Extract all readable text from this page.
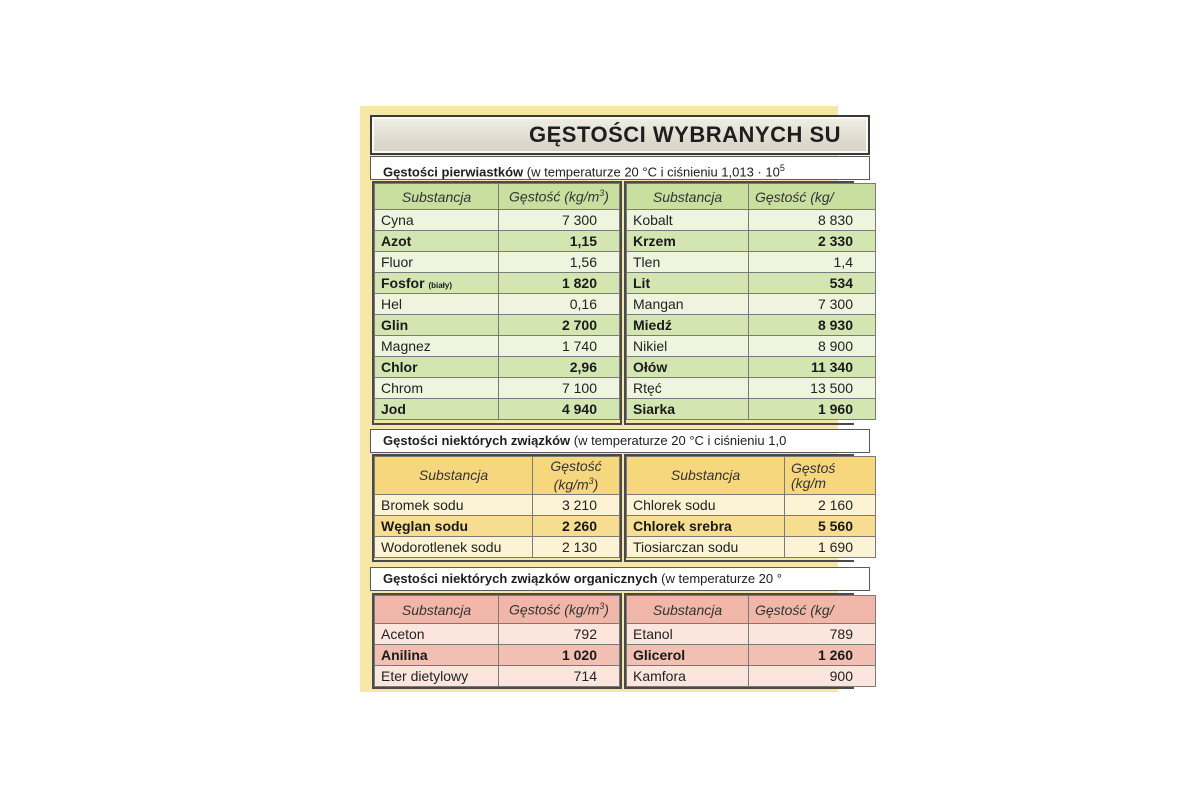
GĘSTOŚCI WYBRANYCH SU
Gęstości pierwiastków (w temperaturze 20 °C i ciśnieniu $1,013 \cdot 10^5$
Substancja	Gęstość $(kg/m^3)$
Cyna	7 300
Azot	1,15
Fluor	1,56
Fosfor (biały)	1 820
Hel	0,16
Glin	2 700
Magnez	1 740
Chlor	2,96
Chrom	7 100
Jod	4 940
Substancja	Gęstość (kg/
Kobalt	8 830
Krzem	2 330
Tlen	1,4
Lit	534
Mangan	7 300
Miedź	8 930
Nikiel	8 900
Ołów	11 340
Rtęć	13 500
Siarka	1 960
Gęstości niektórych związków (w temperaturze 20 °C i ciśnieniu 1,0
Substancja	Gęstość
$(kg/m^3)$
Bromek sodu	3 210
Węglan sodu	2 260
Wodorotlenek sodu	2 130
Substancja	Gęstoś
(kg/m
Chlorek sodu	2 160
Chlorek srebra	5 560
Tiosiarczan sodu	1 690
Gęstości niektórych związków organicznych (w temperaturze 20 °
Substancja	Gęstość $(kg/m^3)$
Aceton	792
Anilina	1 020
Eter dietylowy	714
Substancja	Gęstość (kg/
Etanol	789
Glicerol	1 260
Kamfora	900
